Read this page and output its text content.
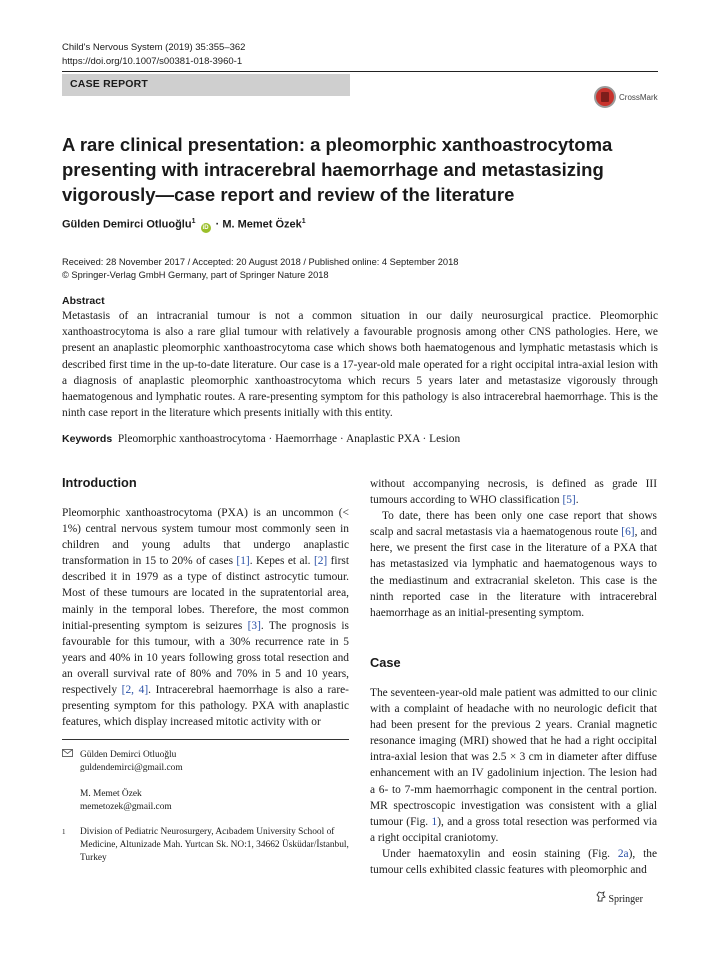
Child's Nervous System (2019) 35:355–362
https://doi.org/10.1007/s00381-018-3960-1
CASE REPORT
CrossMark
A rare clinical presentation: a pleomorphic xanthoastrocytoma presenting with intracerebral haemorrhage and metastasizing vigorously—case report and review of the literature
Gülden Demirci Otluoğlu$^1$ iD · M. Memet Özek$^1$
Received: 28 November 2017 / Accepted: 20 August 2018 / Published online: 4 September 2018
© Springer-Verlag GmbH Germany, part of Springer Nature 2018
Abstract
Metastasis of an intracranial tumour is not a common situation in our daily neurosurgical practice. Pleomorphic xanthoastrocytoma is also a rare glial tumour with relatively a favourable prognosis among other CNS pathologies. Here, we present an anaplastic pleomorphic xanthoastrocytoma case which shows both haematogenous and lymphatic metastasis which is described first time in the up-to-date literature. Our case is a 17-year-old male operated for a right occipital intra-axial lesion with a diagnosis of anaplastic pleomorphic xanthoastrocytoma which recurs 5 years later and metastasize vigorously through haematogenous and lymphatic routes. A rare-presenting symptom for this pathology is also intracerebral haemorrhage. This is the ninth case report in the literature which presents initially with this entity.
Keywords Pleomorphic xanthoastrocytoma · Haemorrhage · Anaplastic PXA · Lesion
Introduction

Pleomorphic xanthoastrocytoma (PXA) is an uncommon (< 1%) central nervous system tumour most commonly seen in children and young adults that undergo anaplastic transformation in 15 to 20% of cases [1]. Kepes et al. [2] first described it in 1979 as a type of distinct astrocytic tumour. Most of these tumours are located in the supratentorial area, mainly in the temporal lobes. Therefore, the most common initial-presenting symptom is seizures [3]. The prognosis is favourable for this tumour, with a 30% recurrence rate in 5 years and 40% in 10 years following gross total resection and an overall survival rate of 80% and 70% in 5 and 10 years, respectively [2, 4]. Intracerebral haemorrhage is also a rare-presenting symptom for this pathology. PXA with anaplastic features, which display increased mitotic activity with or

Gülden Demirci Otluoğlu
guldendemirci@gmail.com
M. Memet Özek
memetozek@gmail.com
1 Division of Pediatric Neurosurgery, Acıbadem University School of Medicine, Altunizade Mah. Yurtcan Sk. NO:1, 34662 Üsküdar/İstanbul, Turkey

without accompanying necrosis, is defined as grade III tumours according to WHO classification [5].

To date, there has been only one case report that shows scalp and sacral metastasis via a haematogenous route [6], and here, we present the first case in the literature of a PXA that has metastasized via lymphatic and haematogenous ways to the mediastinum and extracranial skeleton. This case is the ninth reported case in the literature with intracerebral haemorrhage as an initial-presenting symptom.

Case

The seventeen-year-old male patient was admitted to our clinic with a complaint of headache with no neurologic deficit that had been present for the previous 2 years. Cranial magnetic resonance imaging (MRI) showed that he had a right occipital intra-axial lesion that was 2.5 × 3 cm in diameter after diffuse enhancement with an IV gadolinium injection. The lesion had a 6- to 7-mm haemorrhagic component in the central portion. MR spectroscopic investigation was consistent with a glial tumour (Fig. 1), and a gross total resection was performed via a right occipital craniotomy.

Under haematoxylin and eosin staining (Fig. 2a), the tumour cells exhibited classic features with pleomorphic and

Springer
